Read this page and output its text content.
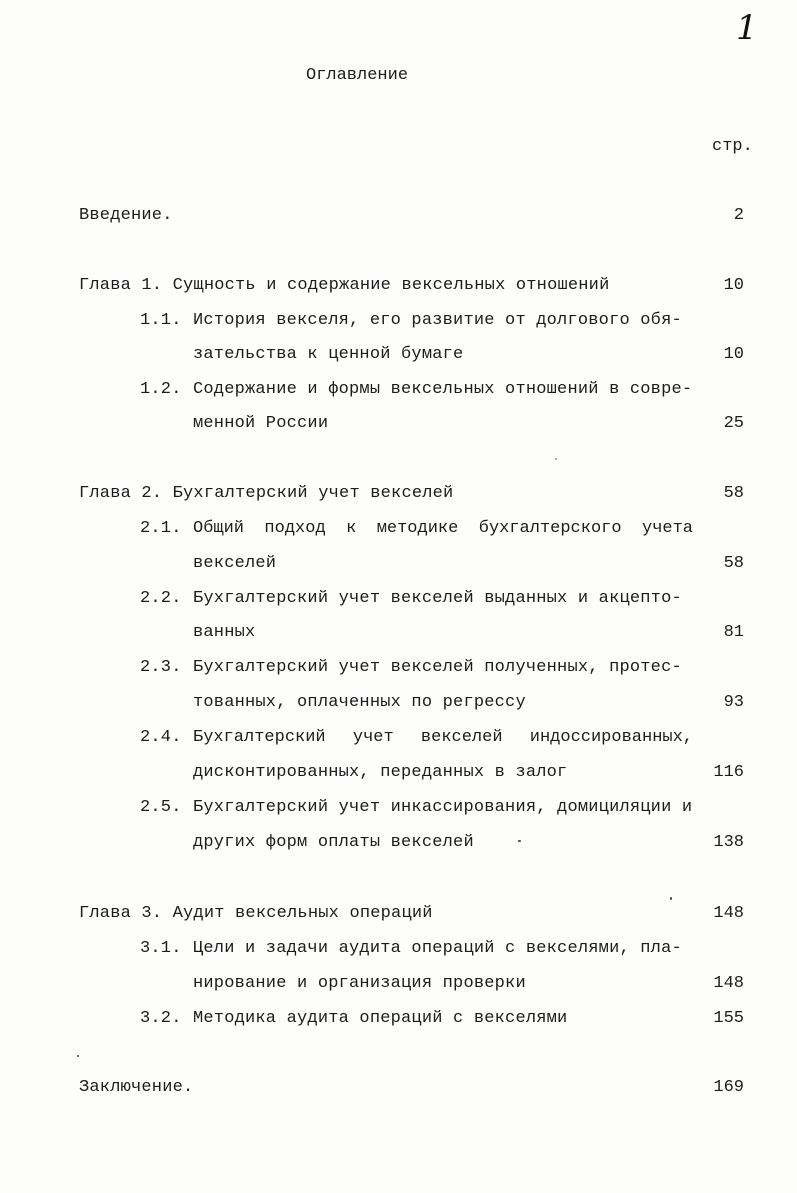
1
Оглавление
стр.
Введение.	2
Глава 1. Сущность и содержание вексельных отношений	10
1.1. История векселя, его развитие от долгового обя-
зательства к ценной бумаге	10
1.2. Содержание и формы вексельных отношений в совре-
менной России	25
Глава 2. Бухгалтерский учет векселей	58
2.1. Общий подход к методике бухгалтерского учета
векселей	58
2.2. Бухгалтерский учет векселей выданных и акцепто-
ванных	81
2.3. Бухгалтерский учет векселей полученных, протес-
тованных, оплаченных по регрессу	93
2.4. Бухгалтерский учет векселей индоссированных,
дисконтированных, переданных в залог	116
2.5. Бухгалтерский учет инкассирования, домициляции и
других форм оплаты векселей	138
Глава 3. Аудит вексельных операций	148
3.1. Цели и задачи аудита операций с векселями, пла-
нирование и организация проверки	148
3.2. Методика аудита операций с векселями	155
Заключение.	169
